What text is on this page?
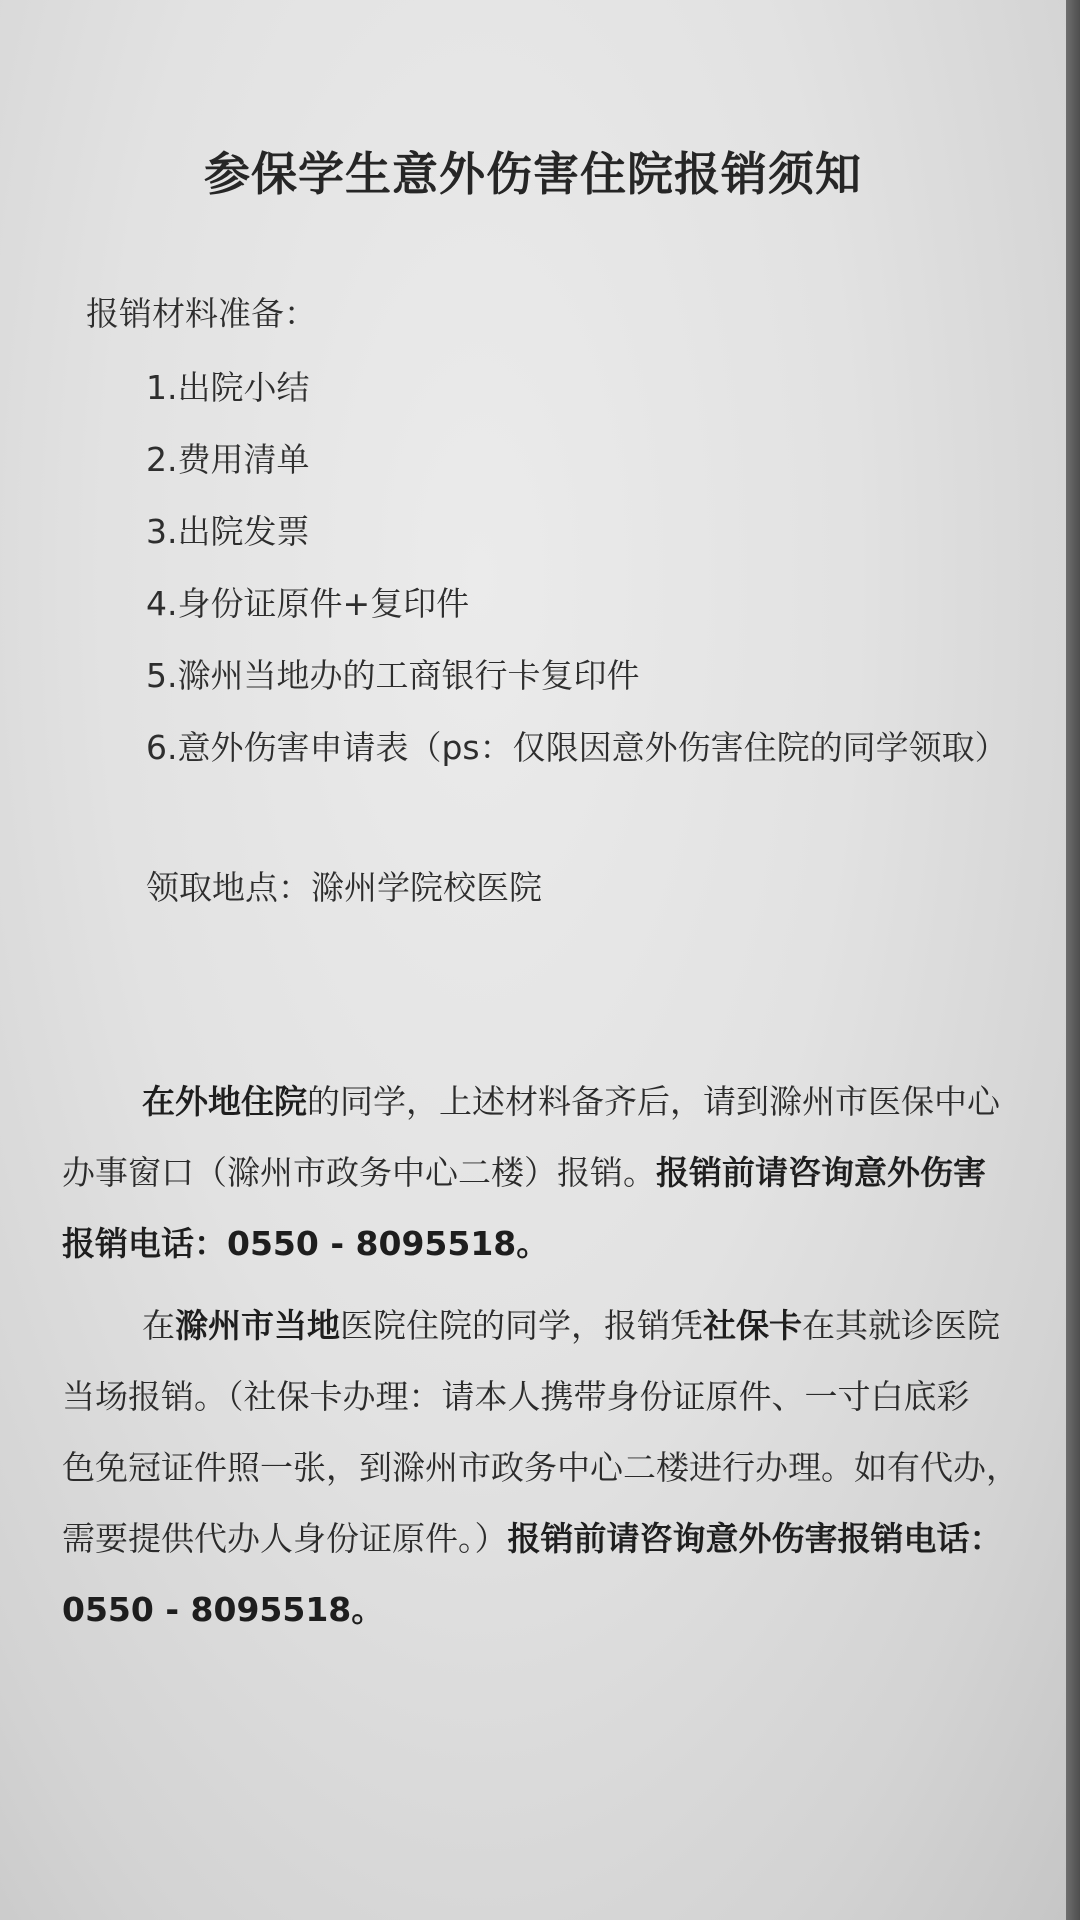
参保学生意外伤害住院报销须知
报销材料准备：
1.出院小结
2.费用清单
3.出院发票
4.身份证原件+复印件
5.滁州当地办的工商银行卡复印件
6.意外伤害申请表（ps：仅限因意外伤害住院的同学领取）
领取地点：滁州学院校医院
在外地住院的同学，上述材料备齐后，请到滁州市医保中心
办事窗口（滁州市政务中心二楼）报销。报销前请咨询意外伤害
报销电话：0550 - 8095518。
在滁州市当地医院住院的同学，报销凭社保卡在其就诊医院
当场报销。（社保卡办理：请本人携带身份证原件、一寸白底彩
色免冠证件照一张，到滁州市政务中心二楼进行办理。如有代办，
需要提供代办人身份证原件。）报销前请咨询意外伤害报销电话：
0550 - 8095518。
